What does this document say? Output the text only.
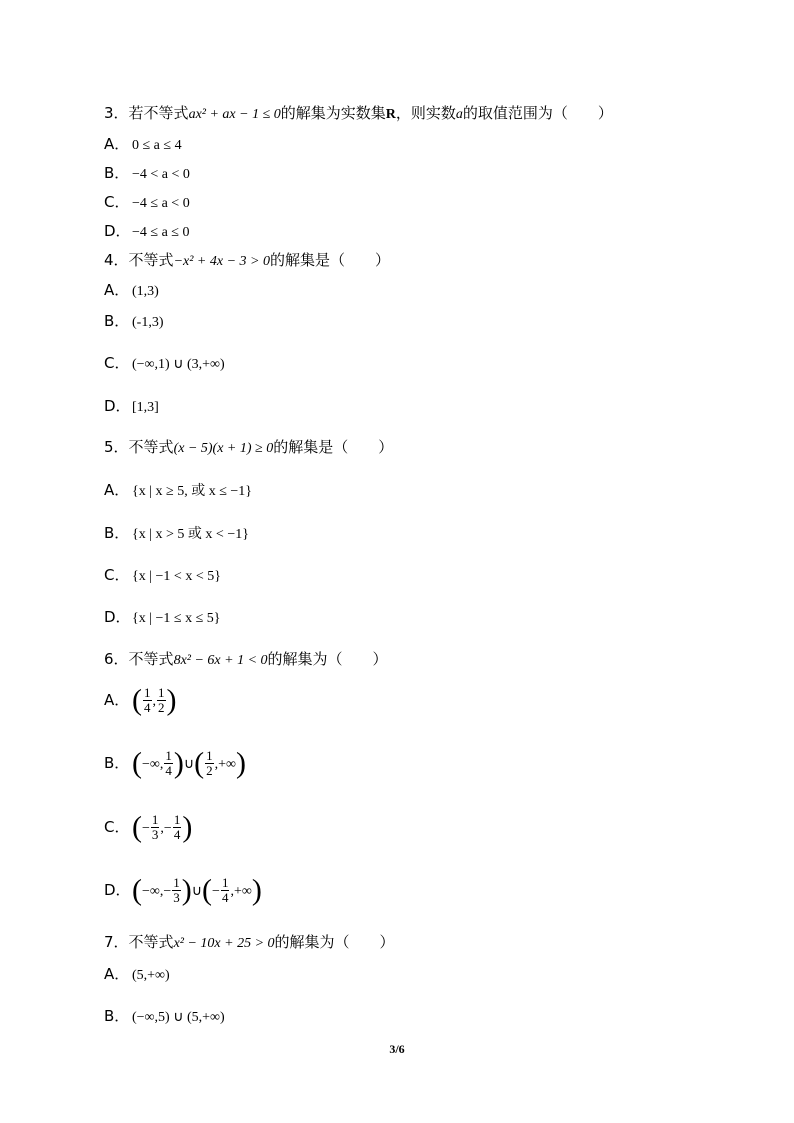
3．若不等式ax² + ax − 1 ≤ 0的解集为实数集R，则实数a的取值范围为（　　）
A． 0 ≤ a ≤ 4
B． −4 < a < 0
C． −4 ≤ a < 0
D．−4 ≤ a ≤ 0
4．不等式−x² + 4x − 3 > 0的解集是（　　）
A． (1,3)
B． (-1,3)
C． (−∞,1) ∪ (3,+∞)
D．[1,3]
5．不等式(x − 5)(x + 1) ≥ 0的解集是（　　）
A． {x | x ≥ 5, 或 x ≤ −1}
B． {x | x > 5 或 x < −1}
C． {x | −1 < x < 5}
D．{x | −1 ≤ x ≤ 5}
6．不等式8x² − 6x + 1 < 0的解集为（　　）
A．( $\frac{1}{4}$ , $\frac{1}{2}$ )
B．(−∞, $\frac{1}{4}$ )∪( $\frac{1}{2}$ ,+∞)
C．(− $\frac{1}{3}$ ,− $\frac{1}{4}$ )
D．(−∞,− $\frac{1}{3}$ )∪(− $\frac{1}{4}$ ,+∞)
7．不等式x² − 10x + 25 > 0的解集为（　　）
A． (5,+∞)
B． (−∞,5) ∪ (5,+∞)
3/6
